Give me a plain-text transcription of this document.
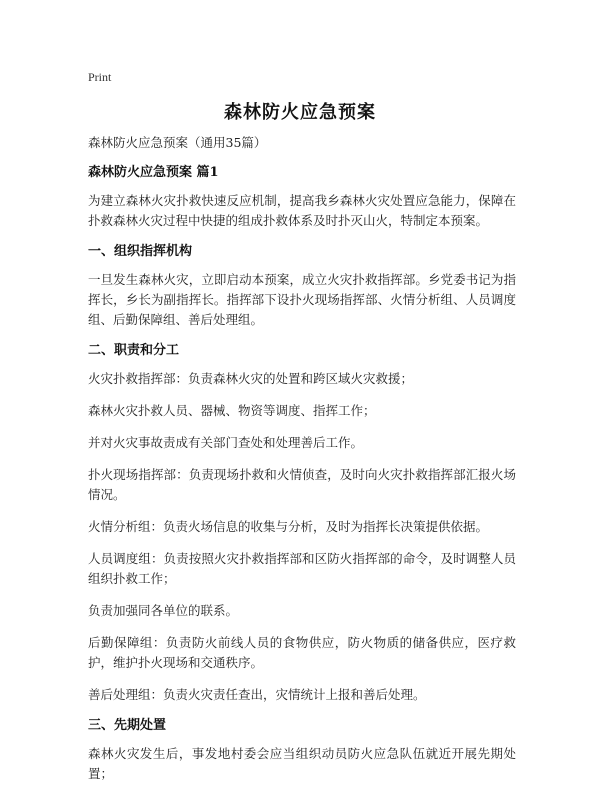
Print
森林防火应急预案

森林防火应急预案（通用35篇）

森林防火应急预案 篇1

为建立森林火灾扑救快速反应机制，提高我乡森林火灾处置应急能力，保障在扑救森林火灾过程中快捷的组成扑救体系及时扑灭山火，特制定本预案。

一、组织指挥机构

一旦发生森林火灾，立即启动本预案，成立火灾扑救指挥部。乡党委书记为指挥长，乡长为副指挥长。指挥部下设扑火现场指挥部、火情分析组、人员调度组、后勤保障组、善后处理组。

二、职责和分工

火灾扑救指挥部：负责森林火灾的处置和跨区域火灾救援；

森林火灾扑救人员、器械、物资等调度、指挥工作；

并对火灾事故责成有关部门查处和处理善后工作。

扑火现场指挥部：负责现场扑救和火情侦查，及时向火灾扑救指挥部汇报火场情况。

火情分析组：负责火场信息的收集与分析，及时为指挥长决策提供依据。

人员调度组：负责按照火灾扑救指挥部和区防火指挥部的命令，及时调整人员组织扑救工作；

负责加强同各单位的联系。

后勤保障组：负责防火前线人员的食物供应，防火物质的储备供应，医疗救护，维护扑火现场和交通秩序。

善后处理组：负责火灾责任查出，灾情统计上报和善后处理。

三、先期处置

森林火灾发生后，事发地村委会应当组织动员防火应急队伍就近开展先期处置；
